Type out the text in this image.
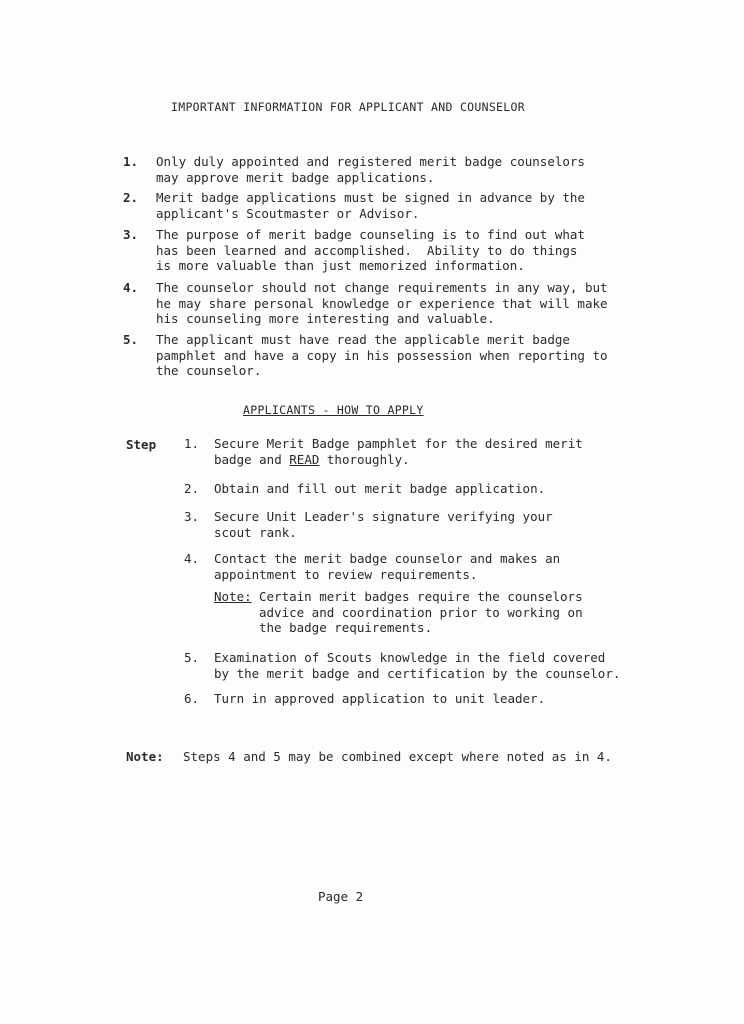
IMPORTANT INFORMATION FOR APPLICANT AND COUNSELOR
1. Only duly appointed and registered merit badge counselors
may approve merit badge applications.
2. Merit badge applications must be signed in advance by the
applicant's Scoutmaster or Advisor.
3. The purpose of merit badge counseling is to find out what
has been learned and accomplished.  Ability to do things
is more valuable than just memorized information.
4. The counselor should not change requirements in any way, but
he may share personal knowledge or experience that will make
his counseling more interesting and valuable.
5. The applicant must have read the applicable merit badge
pamphlet and have a copy in his possession when reporting to
the counselor.
APPLICANTS - HOW TO APPLY
Step 1. Secure Merit Badge pamphlet for the desired merit
badge and READ thoroughly.
2. Obtain and fill out merit badge application.
3. Secure Unit Leader's signature verifying your
scout rank.
4. Contact the merit badge counselor and makes an
appointment to review requirements.
Note: Certain merit badges require the counselors
advice and coordination prior to working on
the badge requirements.
5. Examination of Scouts knowledge in the field covered
by the merit badge and certification by the counselor.
6. Turn in approved application to unit leader.
Note: Steps 4 and 5 may be combined except where noted as in 4.
Page 2
